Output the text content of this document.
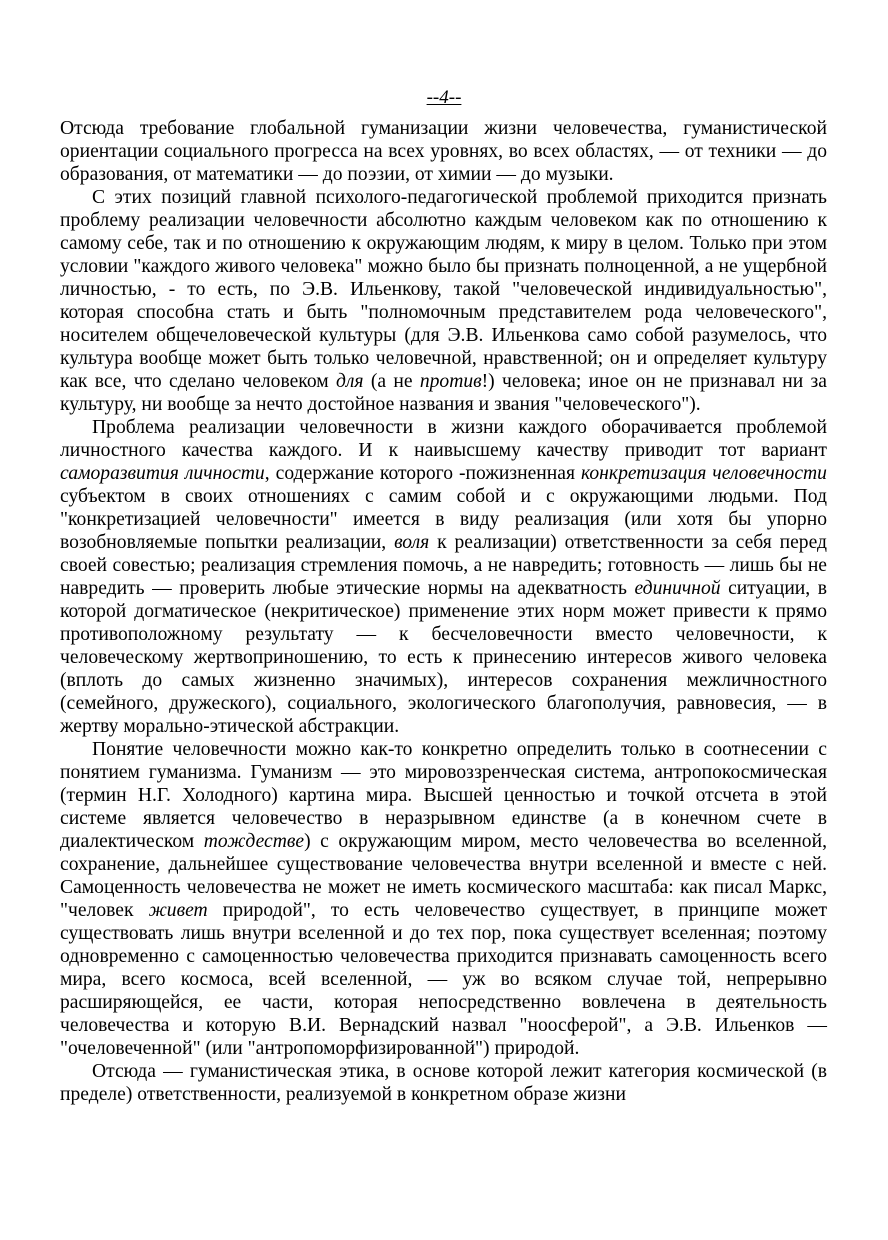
--4--

Отсюда требование глобальной гуманизации жизни человечества, гуманистической ориентации социального прогресса на всех уровнях, во всех областях, — от техники — до образования, от математики — до поэзии, от химии — до музыки.

С этих позиций главной психолого-педагогической проблемой приходится признать проблему реализации человечности абсолютно каждым человеком как по отношению к самому себе, так и по отношению к окружающим людям, к миру в целом. Только при этом условии "каждого живого человека" можно было бы признать полноценной, а не ущербной личностью, - то есть, по Э.В. Ильенкову, такой "человеческой индивидуальностью", которая способна стать и быть "полномочным представителем рода человеческого", носителем общечеловеческой культуры (для Э.В. Ильенкова само собой разумелось, что культура вообще может быть только человечной, нравственной; он и определяет культуру как все, что сделано человеком для (а не против!) человека; иное он не признавал ни за культуру, ни вообще за нечто достойное названия и звания "человеческого").

Проблема реализации человечности в жизни каждого оборачивается проблемой личностного качества каждого. И к наивысшему качеству приводит тот вариант саморазвития личности, содержание которого -пожизненная конкретизация человечности субъектом в своих отношениях с самим собой и с окружающими людьми. Под "конкретизацией человечности" имеется в виду реализация (или хотя бы упорно возобновляемые попытки реализации, воля к реализации) ответственности за себя перед своей совестью; реализация стремления помочь, а не навредить; готовность — лишь бы не навредить — проверить любые этические нормы на адекватность единичной ситуации, в которой догматическое (некритическое) применение этих норм может привести к прямо противоположному результату — к бесчеловечности вместо человечности, к человеческому жертвоприношению, то есть к принесению интересов живого человека (вплоть до самых жизненно значимых), интересов сохранения межличностного (семейного, дружеского), социального, экологического благополучия, равновесия, — в жертву морально-этической абстракции.

Понятие человечности можно как-то конкретно определить только в соотнесении с понятием гуманизма. Гуманизм — это мировоззренческая система, антропокосмическая (термин Н.Г. Холодного) картина мира. Высшей ценностью и точкой отсчета в этой системе является человечество в неразрывном единстве (а в конечном счете в диалектическом тождестве) с окружающим миром, место человечества во вселенной, сохранение, дальнейшее существование человечества внутри вселенной и вместе с ней. Самоценность человечества не может не иметь космического масштаба: как писал Маркс, "человек живет природой", то есть человечество существует, в принципе может существовать лишь внутри вселенной и до тех пор, пока существует вселенная; поэтому одновременно с самоценностью человечества приходится признавать самоценность всего мира, всего космоса, всей вселенной, — уж во всяком случае той, непрерывно расширяющейся, ее части, которая непосредственно вовлечена в деятельность человечества и которую В.И. Вернадский назвал "ноосферой", а Э.В. Ильенков — "очеловеченной" (или "антропоморфизированной") природой.

Отсюда — гуманистическая этика, в основе которой лежит категория космической (в пределе) ответственности, реализуемой в конкретном образе жизни
